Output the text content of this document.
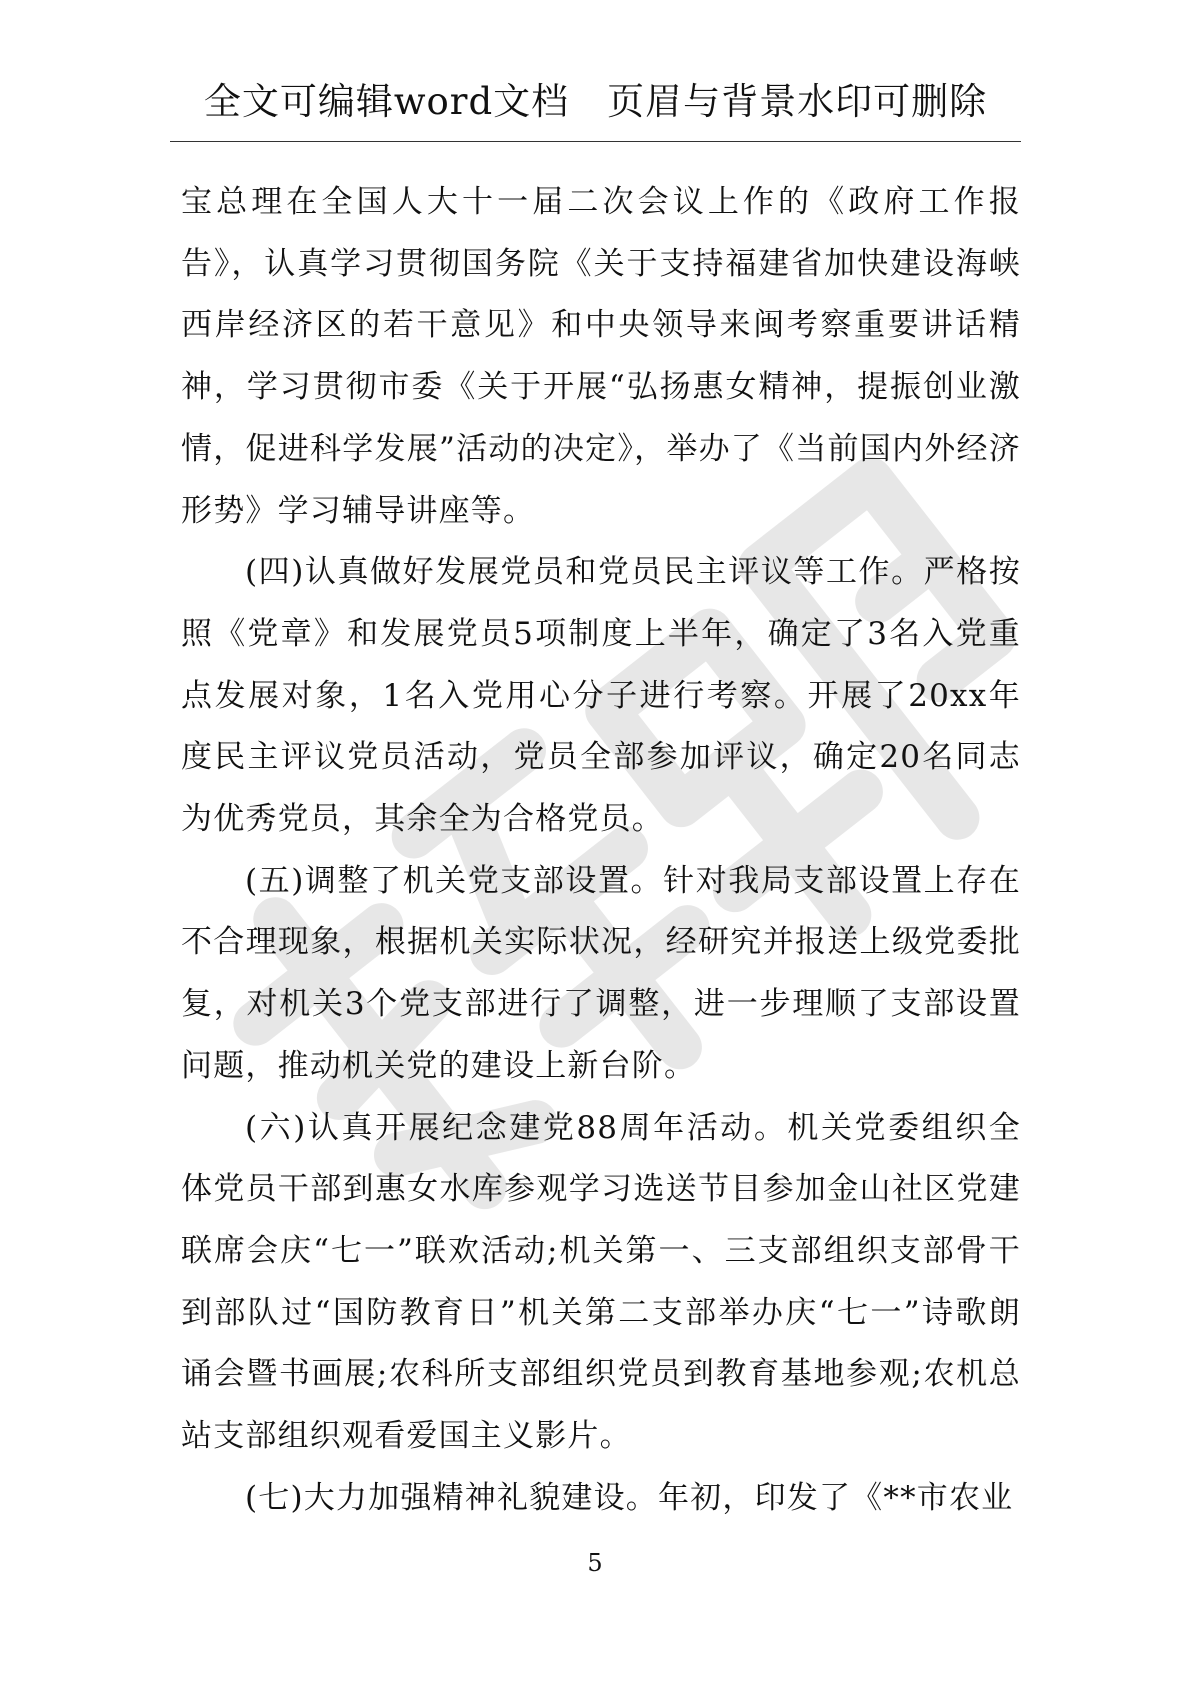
全文可编辑word文档　页眉与背景水印可删除

宝总理在全国人大十一届二次会议上作的《政府工作报告》，认真学习贯彻国务院《关于支持福建省加快建设海峡西岸经济区的若干意见》和中央领导来闽考察重要讲话精神，学习贯彻市委《关于开展“弘扬惠女精神，提振创业激情，促进科学发展”活动的决定》，举办了《当前国内外经济形势》学习辅导讲座等。

(四)认真做好发展党员和党员民主评议等工作。严格按照《党章》和发展党员5项制度上半年，确定了3名入党重点发展对象，1名入党用心分子进行考察。开展了20xx年度民主评议党员活动，党员全部参加评议，确定20名同志为优秀党员，其余全为合格党员。

(五)调整了机关党支部设置。针对我局支部设置上存在不合理现象，根据机关实际状况，经研究并报送上级党委批复，对机关3个党支部进行了调整，进一步理顺了支部设置问题，推动机关党的建设上新台阶。

(六)认真开展纪念建党88周年活动。机关党委组织全体党员干部到惠女水库参观学习选送节目参加金山社区党建联席会庆“七一”联欢活动;机关第一、三支部组织支部骨干到部队过“国防教育日”机关第二支部举办庆“七一”诗歌朗诵会暨书画展;农科所支部组织党员到教育基地参观;农机总站支部组织观看爱国主义影片。

(七)大力加强精神礼貌建设。年初，印发了《**市农业

5
